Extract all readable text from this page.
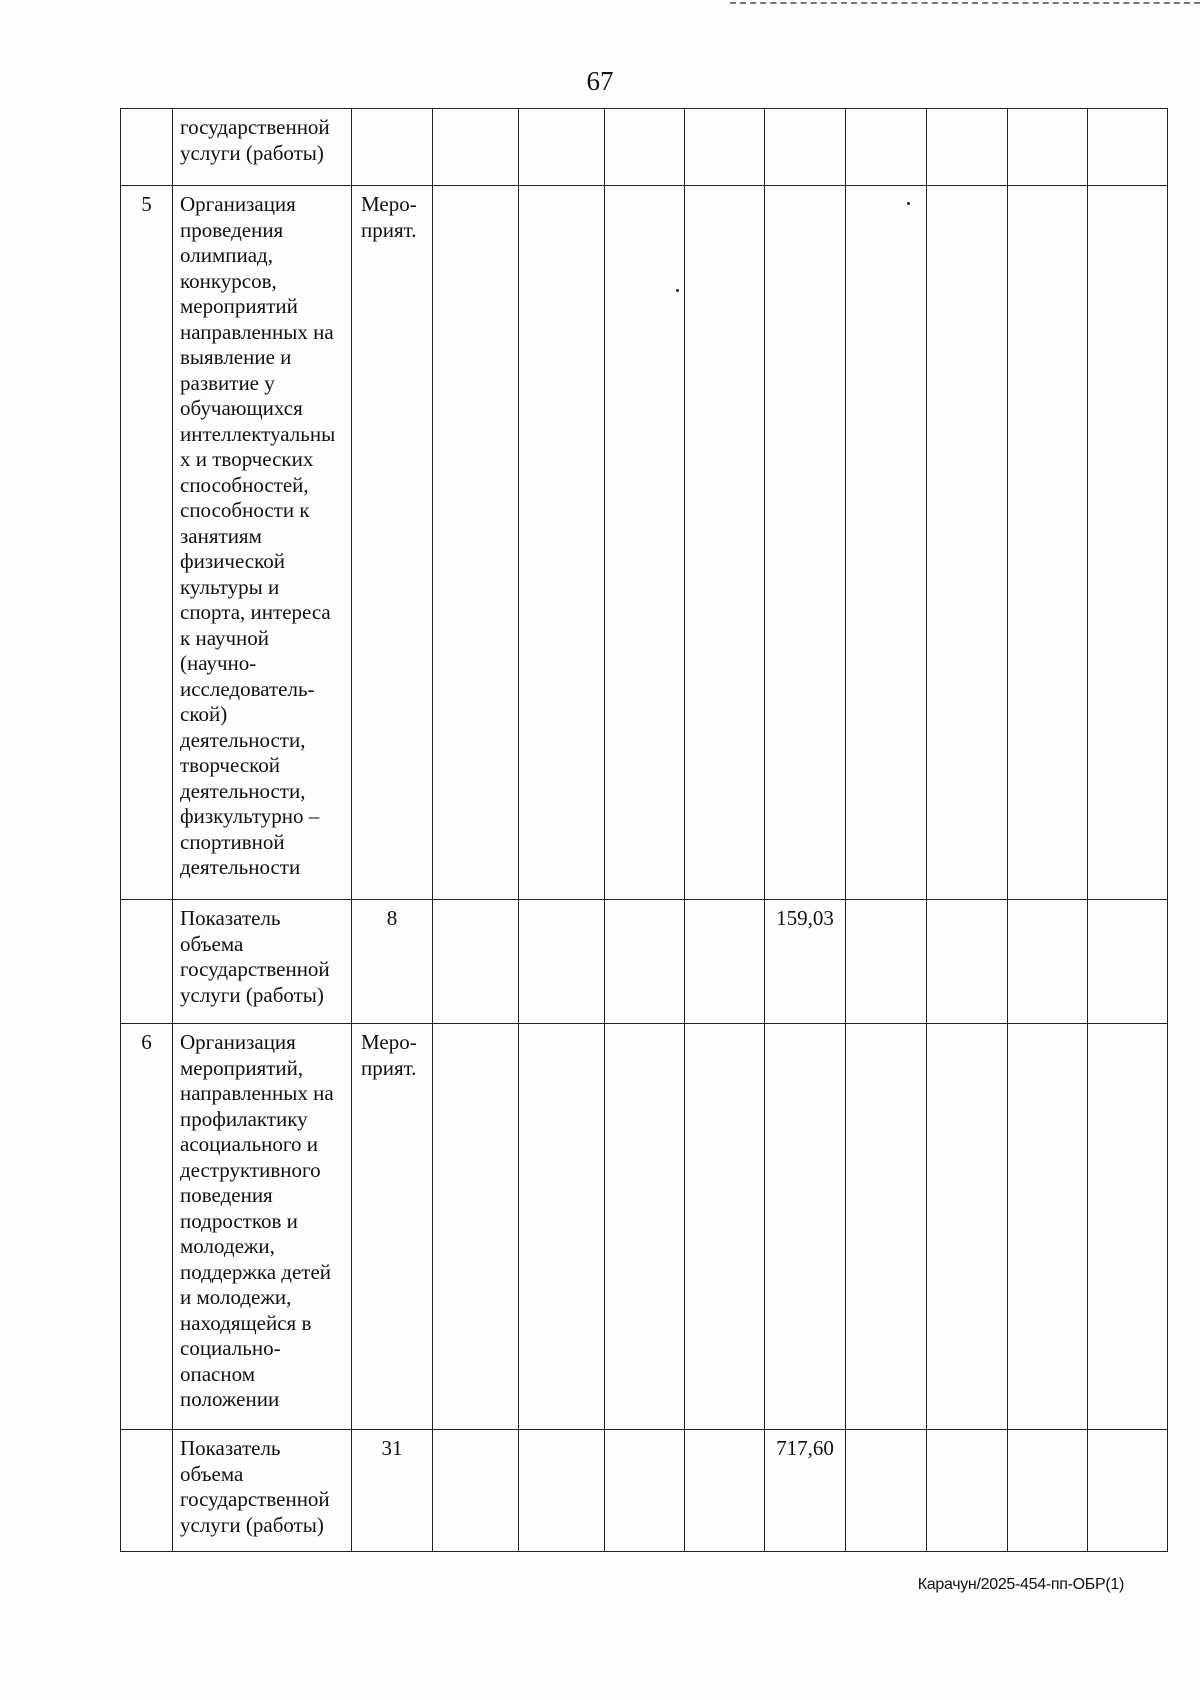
67

	государственной услуги (работы)										

5	Организация проведения олимпиад, конкурсов, мероприятий направленных на выявление и развитие у обучающихся интеллектуальны х и творческих способностей, способности к занятиям физической культуры и спорта, интереса к научной (научно-исследователь-ской) деятельности, творческой деятельности, физкультурно – спортивной деятельности	Меро-прият.									

	Показатель объема государственной услуги (работы)	8					159,03				

6	Организация мероприятий, направленных на профилактику асоциального и деструктивного поведения подростков и молодежи, поддержка детей и молодежи, находящейся в социально-опасном положении	Меро-прият.									

	Показатель объема государственной услуги (работы)	31					717,60				

Карачун/2025-454-пп-ОБР(1)
